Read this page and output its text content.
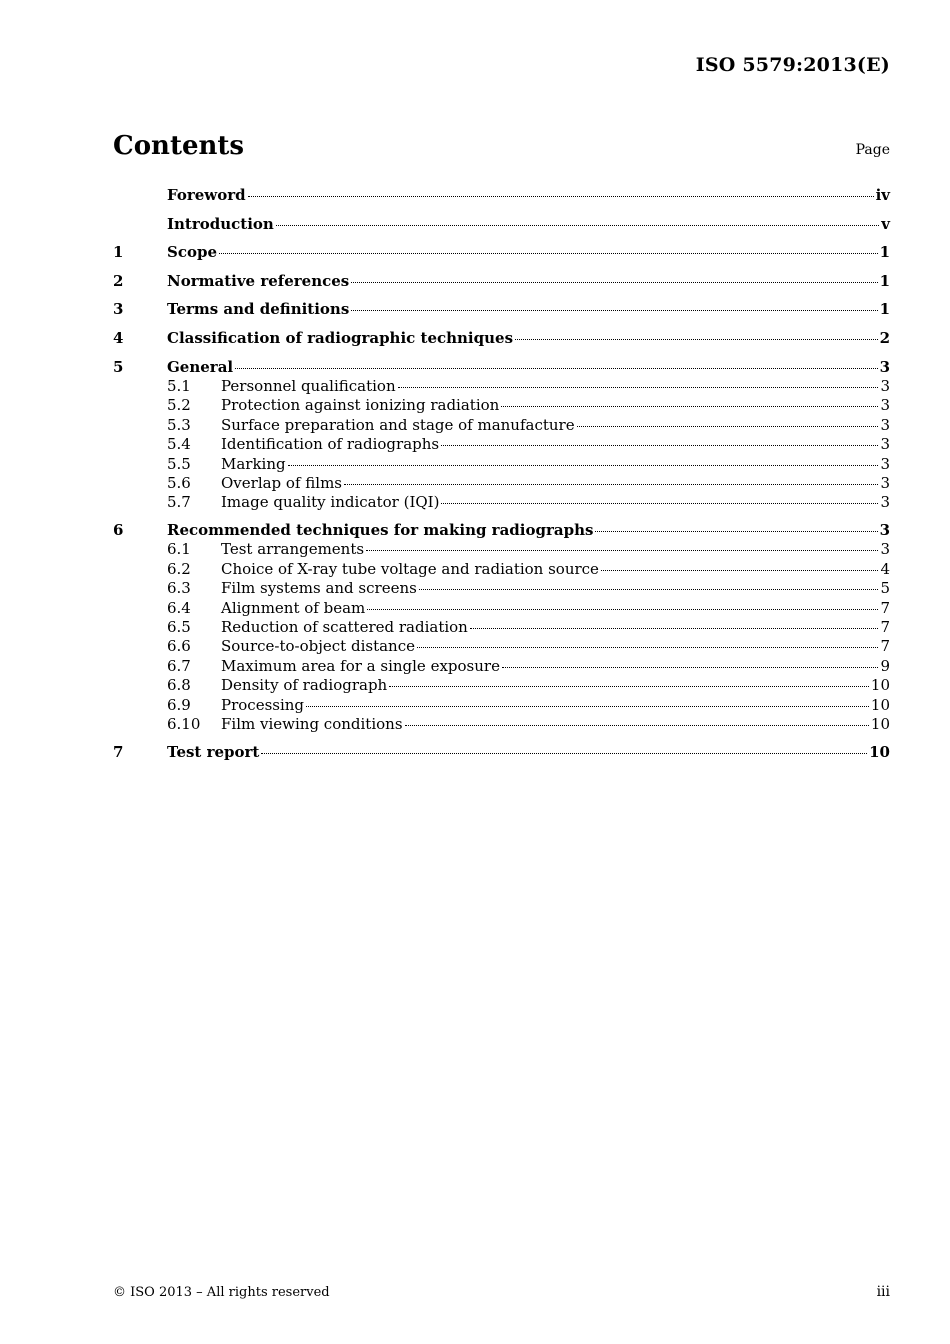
ISO 5579:2013(E)
Contents	Page
Foreword	iv
Introduction	v
1	Scope	1
2	Normative references	1
3	Terms and definitions	1
4	Classification of radiographic techniques	2
5	General	3
5.1	Personnel qualification	3
5.2	Protection against ionizing radiation	3
5.3	Surface preparation and stage of manufacture	3
5.4	Identification of radiographs	3
5.5	Marking	3
5.6	Overlap of films	3
5.7	Image quality indicator (IQI)	3
6	Recommended techniques for making radiographs	3
6.1	Test arrangements	3
6.2	Choice of X-ray tube voltage and radiation source	4
6.3	Film systems and screens	5
6.4	Alignment of beam	7
6.5	Reduction of scattered radiation	7
6.6	Source-to-object distance	7
6.7	Maximum area for a single exposure	9
6.8	Density of radiograph	10
6.9	Processing	10
6.10	Film viewing conditions	10
7	Test report	10
© ISO 2013 – All rights reserved	iii
